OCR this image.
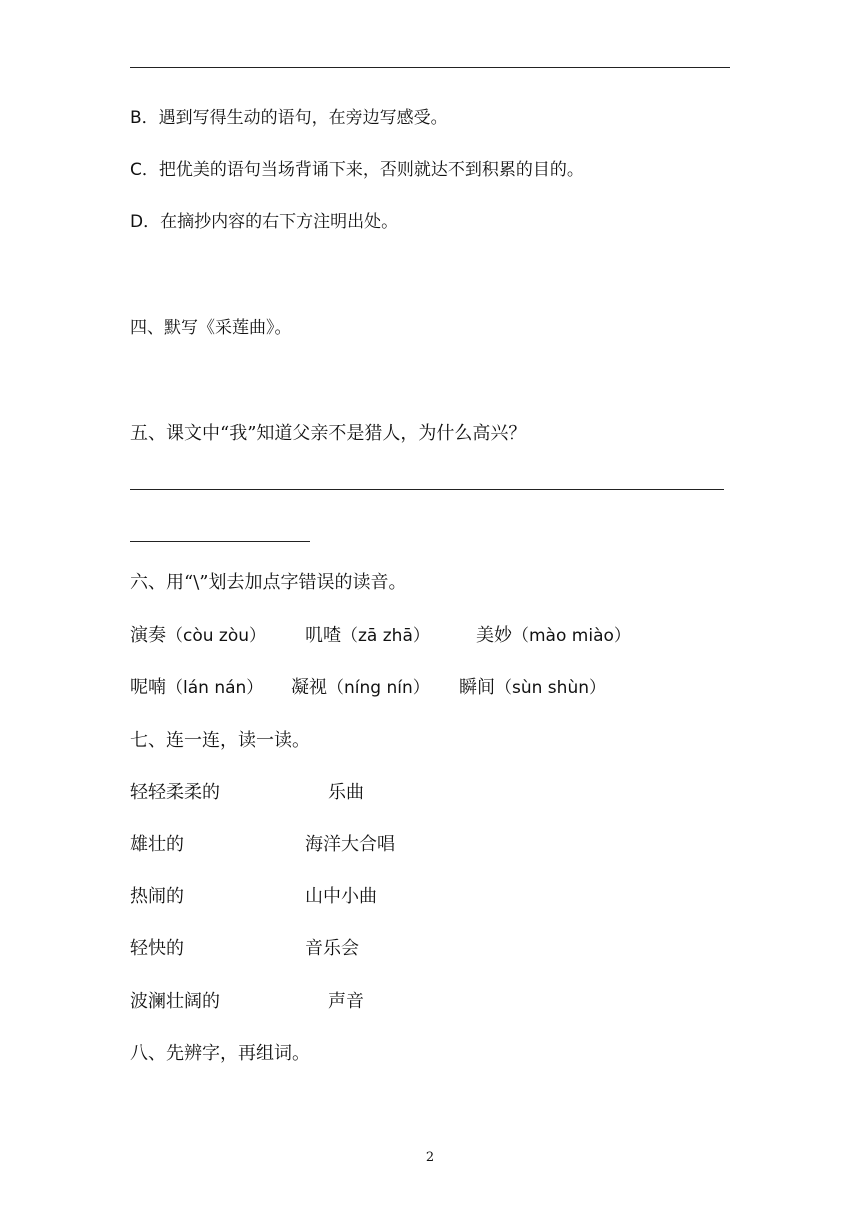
B．遇到写得生动的语句，在旁边写感受。
C．把优美的语句当场背诵下来，否则就达不到积累的目的。
D．在摘抄内容的右下方注明出处。
四、默写《采莲曲》。
五、课文中“我”知道父亲不是猎人，为什么高兴？
六、用“\”划去加点字错误的读音。
演奏（còu zòu） 叽喳（zā zhā）	美妙（mào miào）
呢喃（lán nán） 凝视（níng nín） 瞬间（sùn shùn）
七、连一连，读一读。
轻轻柔柔的	乐曲
雄壮的	海洋大合唱
热闹的	山中小曲
轻快的	音乐会
波澜壮阔的	声音
八、先辨字，再组词。
2
